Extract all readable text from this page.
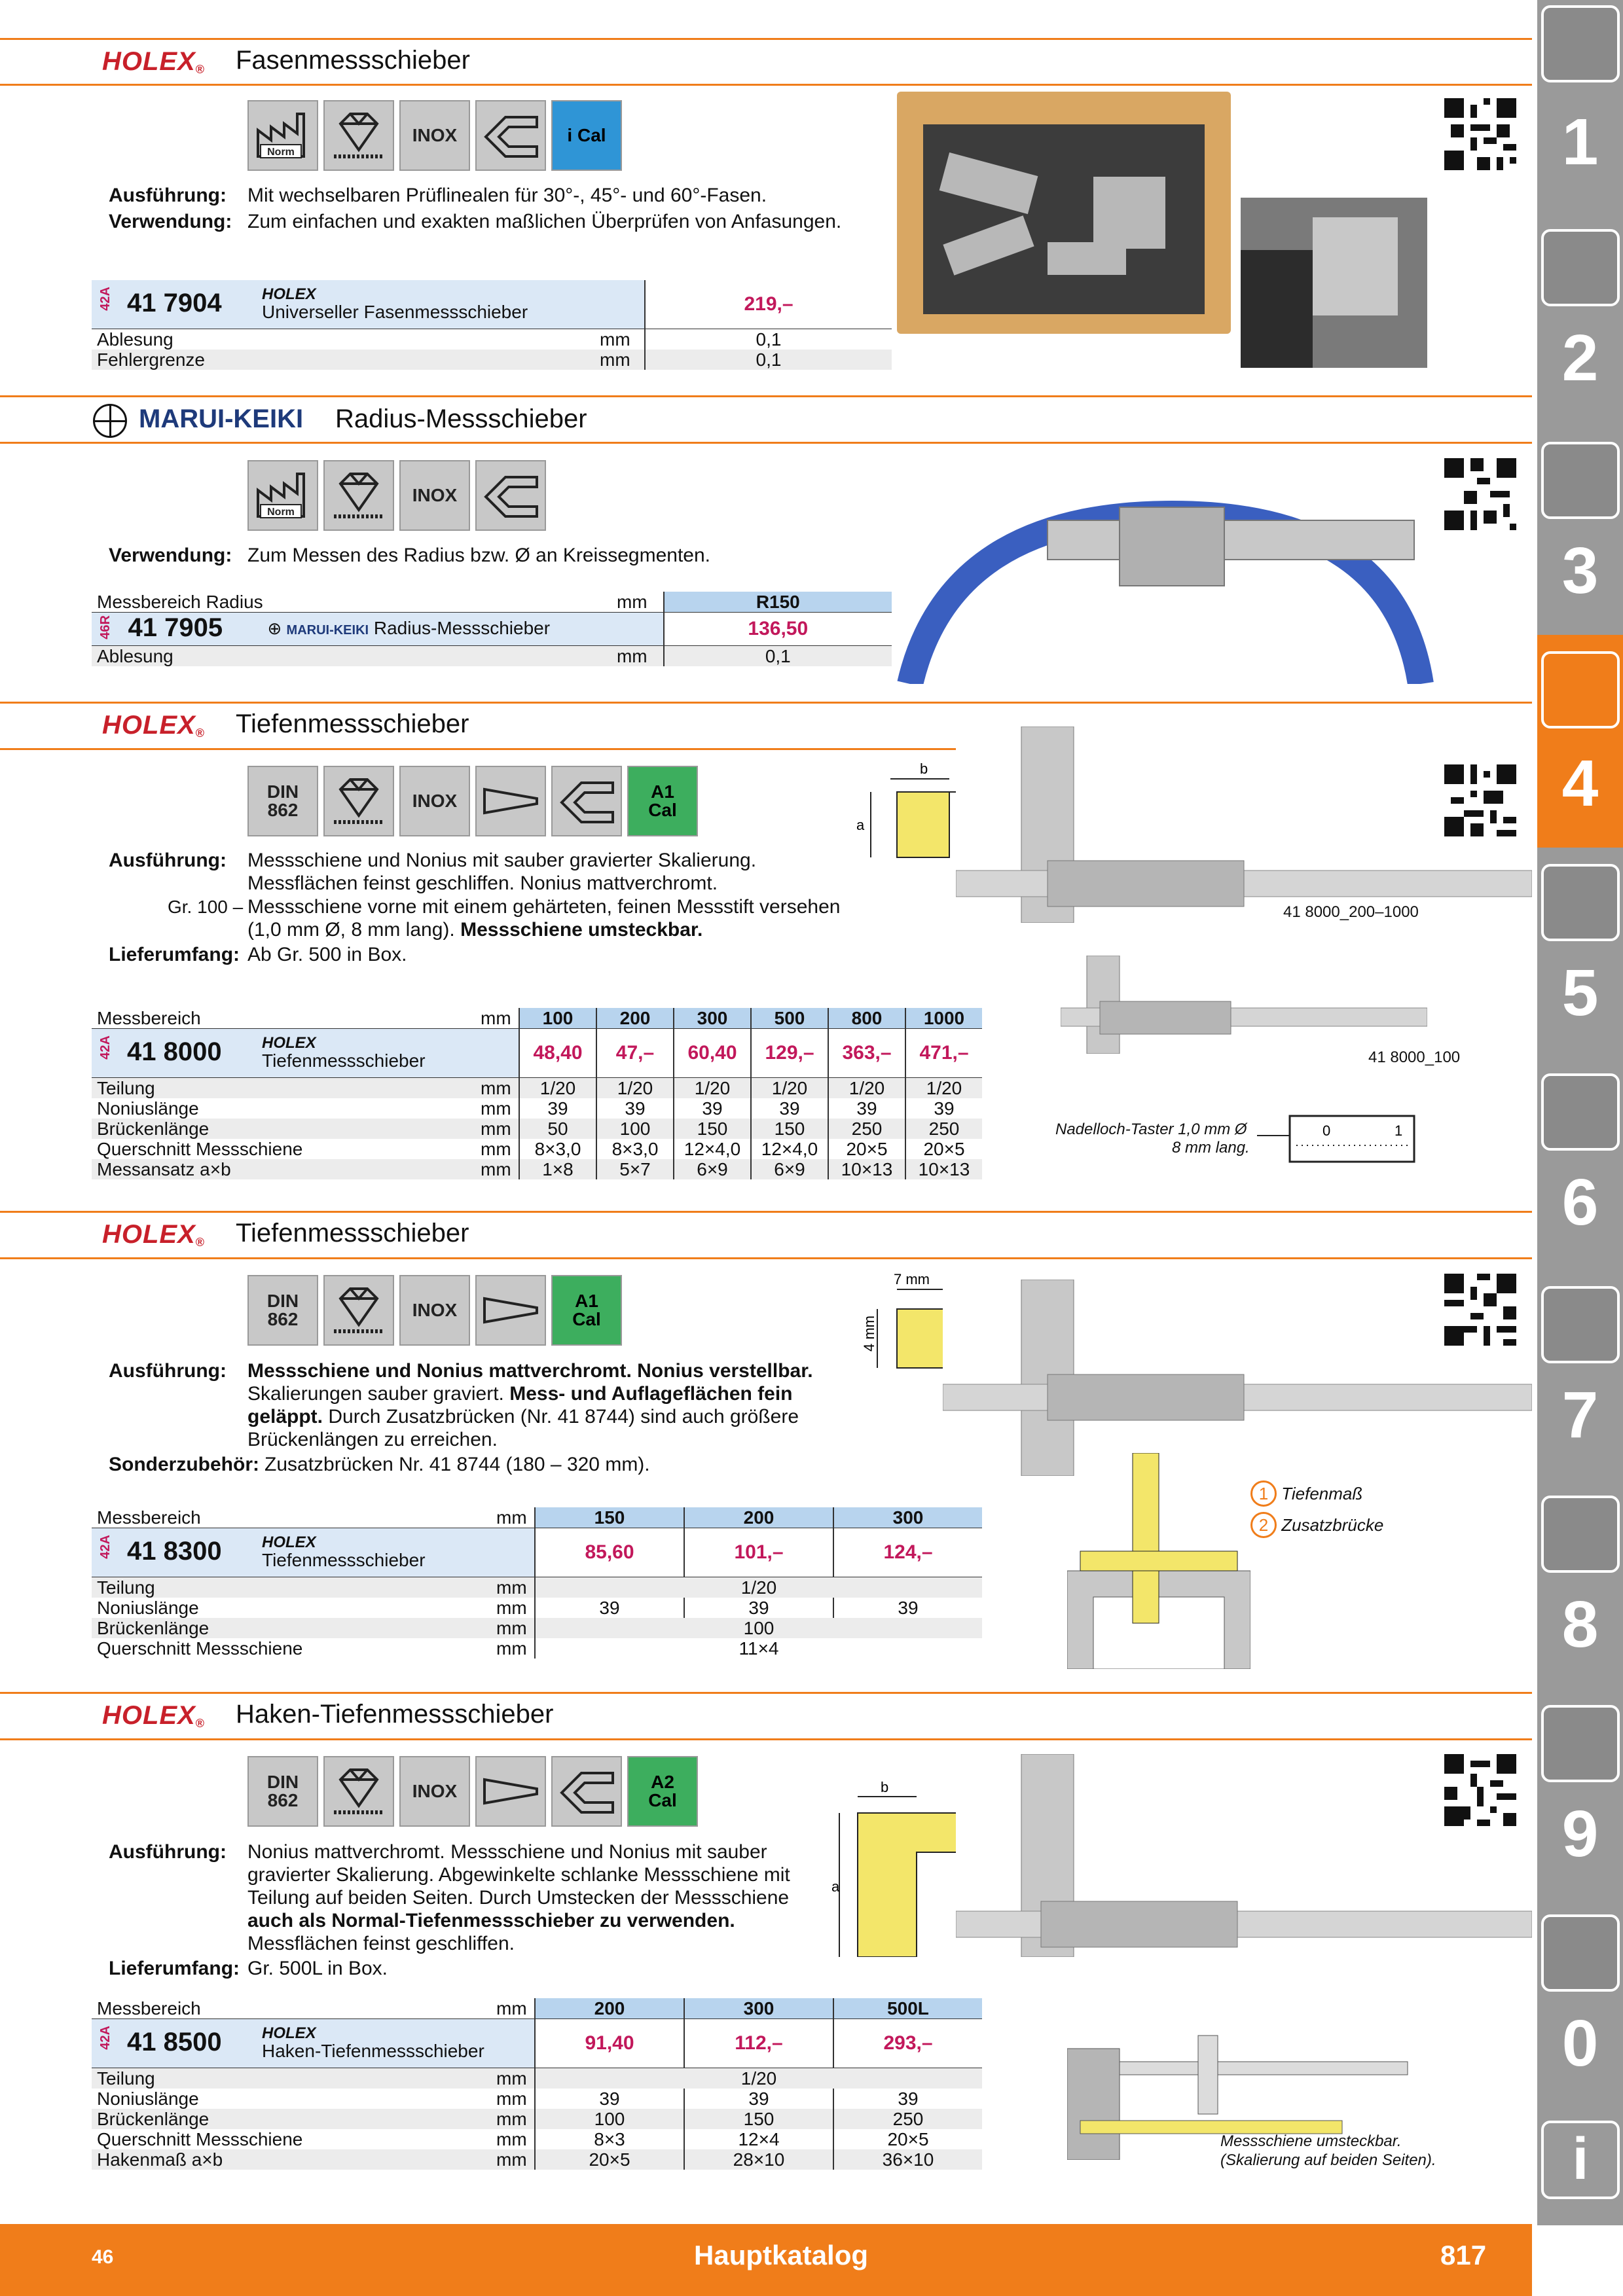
HOLEX® Fasenmessschieber
Norm
INOX	i Cal
Ausführung: Mit wechselbaren Prüflinealen für 30°-, 45°- und 60°-Fasen.
Verwendung: Zum einfachen und exakten maßlichen Überprüfen von Anfasungen.
42A	41 7904	HOLEX
Universeller Fasenmessschieber		219,–
Ablesung			mm	0,1
Fehlergrenze			mm	0,1
MARUI-KEIKI Radius-Messschieber
Norm
INOX
Verwendung: Zum Messen des Radius bzw. Ø an Kreissegmenten.
Messbereich Radius			mm	R150

46R	41 7905	⊕ MARUI-KEIKI Radius-Messschieber		136,50
Ablesung			mm	0,1
HOLEX® Tiefenmessschieber
DIN 862	INOX	A1 Cal
Ausführung: Messschiene und Nonius mit sauber gravierter Skalierung.
Messflächen feinst geschliffen. Nonius mattverchromt.
Gr. 100 – Messschiene vorne mit einem gehärteten, feinen Messstift versehen
(1,0 mm Ø, 8 mm lang). Messschiene umsteckbar.
Lieferumfang: Ab Gr. 500 in Box.
Messbereich			mm	100	200	300	500	800	1000

42A	41 8000	HOLEX
Tiefenmessschieber		48,40	47,–	60,40	129,–	363,–	471,–
Teilung			mm	1/20	1/20	1/20	1/20	1/20	1/20
Noniuslänge			mm	39	39	39	39	39	39
Brückenlänge			mm	50	100	150	150	250	250
Querschnitt Messschiene			mm	8×3,0	8×3,0	12×4,0	12×4,0	20×5	20×5
Messansatz a×b			mm	1×8	5×7	6×9	6×9	10×13	10×13
b
a
41 8000_200–1000
41 8000_100
Nadelloch-Taster 1,0 mm Ø
8 mm lang.
0	1
HOLEX® Tiefenmessschieber
DIN 862	INOX	A1 Cal
Ausführung: Messschiene und Nonius mattverchromt. Nonius verstellbar.
Skalierungen sauber graviert. Mess- und Auflageflächen fein
geläppt. Durch Zusatzbrücken (Nr. 41 8744) sind auch größere
Brückenlängen zu erreichen.
Sonderzubehör: Zusatzbrücken Nr. 41 8744 (180 – 320 mm).
Messbereich			mm	150	200	300

42A	41 8300	HOLEX
Tiefenmessschieber		85,60	101,–	124,–
Teilung			mm	1/20		
Noniuslänge			mm	39	39	39
Brückenlänge			mm	100		
Querschnitt Messschiene			mm	11×4		
7 mm
4 mm
1 Tiefenmaß
2 Zusatzbrücke
HOLEX® Haken-Tiefenmessschieber
DIN 862	INOX	A2 Cal
Ausführung: Nonius mattverchromt. Messschiene und Nonius mit sauber
gravierter Skalierung. Abgewinkelte schlanke Messschiene mit
Teilung auf beiden Seiten. Durch Umstecken der Messschiene
auch als Normal-Tiefenmessschieber zu verwenden.
Messflächen feinst geschliffen.
Lieferumfang: Gr. 500L in Box.
Messbereich			mm	200	300	500L

42A	41 8500	HOLEX
Haken-Tiefenmessschieber		91,40	112,–	293,–
Teilung			mm	1/20		
Noniuslänge			mm	39	39	39
Brückenlänge			mm	100	150	250
Querschnitt Messschiene			mm	8×3	12×4	20×5
Hakenmaß a×b			mm	20×5	28×10	36×10
b
a
Messschiene umsteckbar.
(Skalierung auf beiden Seiten).
1
2
3
4
5
6
7
8
9
0
i
46	Hauptkatalog	817
